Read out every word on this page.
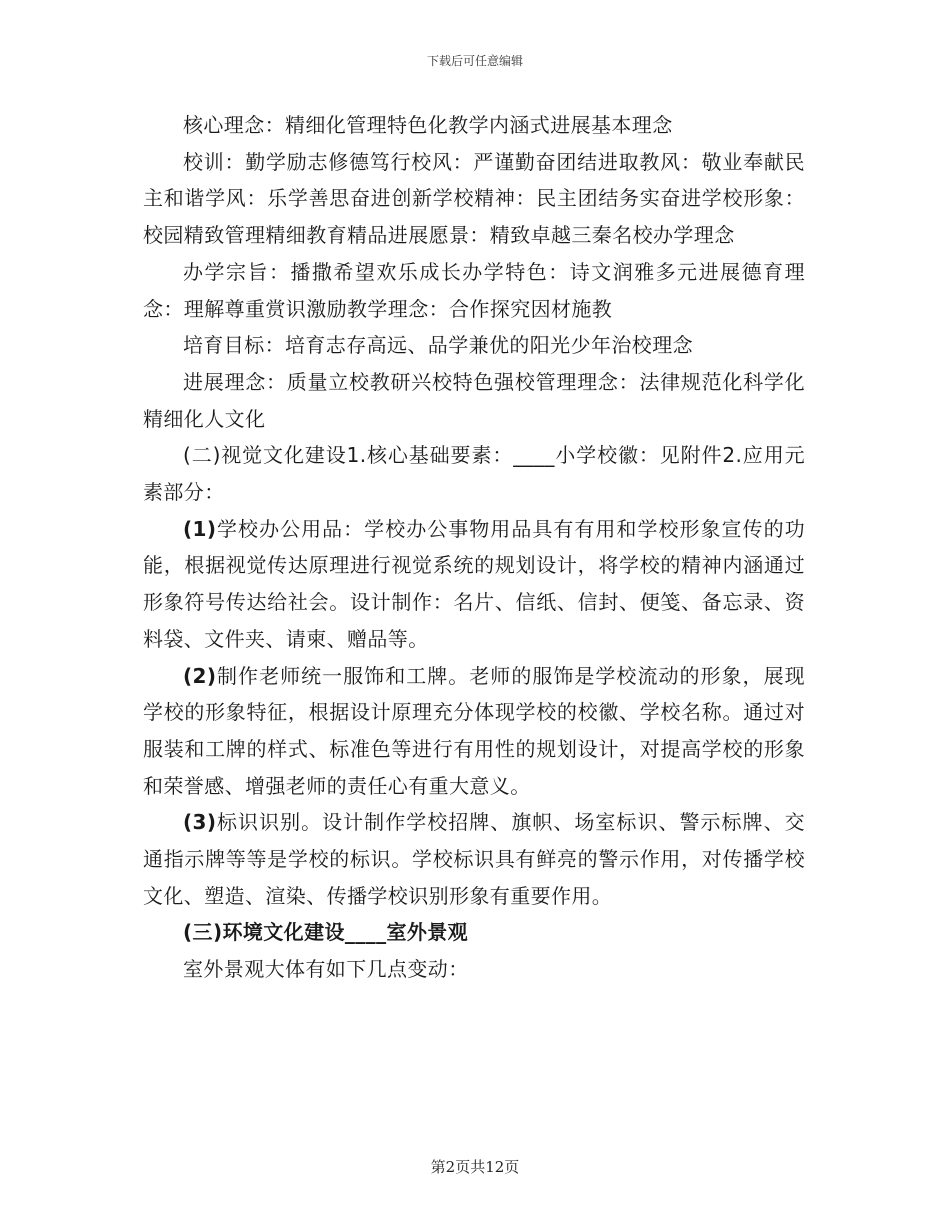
下载后可任意编辑

核心理念：精细化管理特色化教学内涵式进展基本理念

校训：勤学励志修德笃行校风：严谨勤奋团结进取教风：敬业奉献民主和谐学风：乐学善思奋进创新学校精神：民主团结务实奋进学校形象：校园精致管理精细教育精品进展愿景：精致卓越三秦名校办学理念

办学宗旨：播撒希望欢乐成长办学特色：诗文润雅多元进展德育理念：理解尊重赏识激励教学理念：合作探究因材施教

培育目标：培育志存高远、品学兼优的阳光少年治校理念

进展理念：质量立校教研兴校特色强校管理理念：法律规范化科学化精细化人文化

(二)视觉文化建设1.核心基础要素：____小学校徽：见附件2.应用元素部分：

(1)学校办公用品：学校办公事物用品具有有用和学校形象宣传的功能，根据视觉传达原理进行视觉系统的规划设计，将学校的精神内涵通过形象符号传达给社会。设计制作：名片、信纸、信封、便笺、备忘录、资料袋、文件夹、请柬、赠品等。

(2)制作老师统一服饰和工牌。老师的服饰是学校流动的形象，展现学校的形象特征，根据设计原理充分体现学校的校徽、学校名称。通过对服装和工牌的样式、标准色等进行有用性的规划设计，对提高学校的形象和荣誉感、增强老师的责任心有重大意义。

(3)标识识别。设计制作学校招牌、旗帜、场室标识、警示标牌、交通指示牌等等是学校的标识。学校标识具有鲜亮的警示作用，对传播学校文化、塑造、渲染、传播学校识别形象有重要作用。

(三)环境文化建设____室外景观

室外景观大体有如下几点变动：

第2页共12页
